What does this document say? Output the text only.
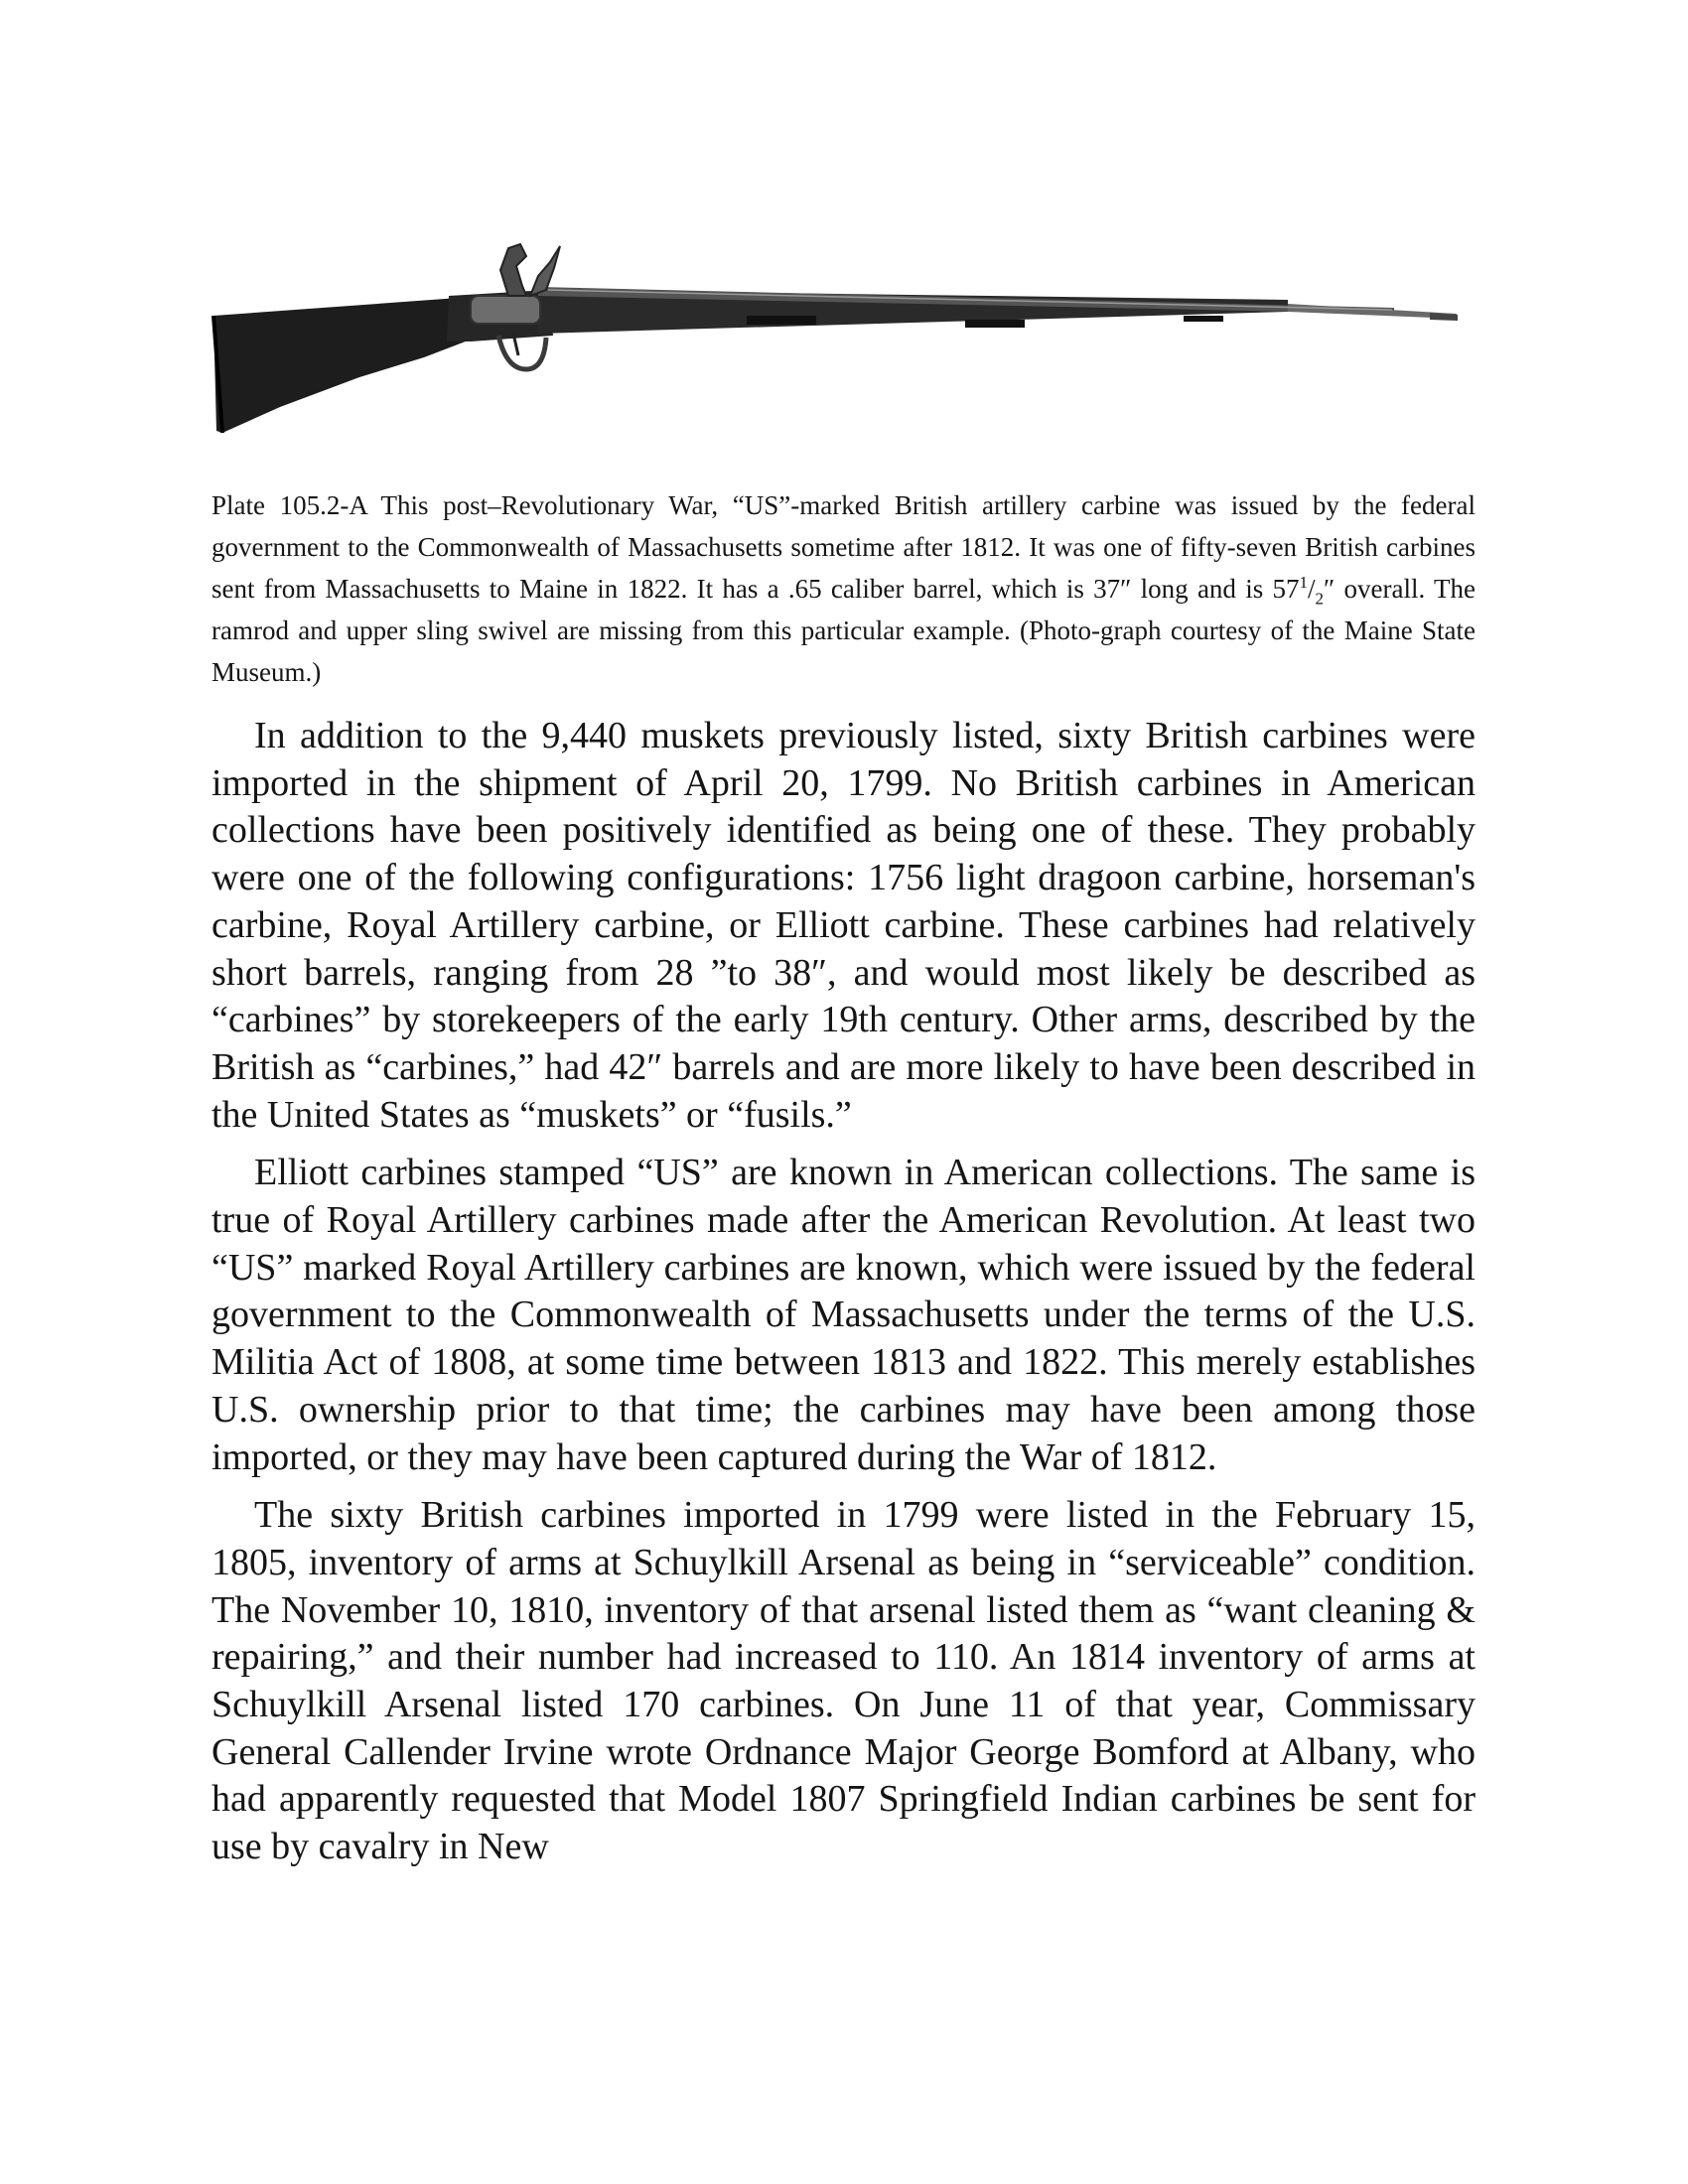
Plate 105.2-A This post–Revolutionary War, “US”-marked British artillery carbine was issued by the federal government to the Commonwealth of Massachusetts sometime after 1812. It was one of fifty-seven British carbines sent from Massachusetts to Maine in 1822. It has a .65 caliber barrel, which is 37″ long and is $57^1/_2''$ overall. The ramrod and upper sling swivel are missing from this particular example. (Photo-graph courtesy of the Maine State Museum.)

In addition to the 9,440 muskets previously listed, sixty British carbines were imported in the shipment of April 20, 1799. No British carbines in American collections have been positively identified as being one of these. They probably were one of the following configurations: 1756 light dragoon carbine, horseman's carbine, Royal Artillery carbine, or Elliott carbine. These carbines had relatively short barrels, ranging from 28 ”to 38″, and would most likely be described as “carbines” by storekeepers of the early 19th century. Other arms, described by the British as “carbines,” had 42″ barrels and are more likely to have been described in the United States as “muskets” or “fusils.”

Elliott carbines stamped “US” are known in American collections. The same is true of Royal Artillery carbines made after the American Revolution. At least two “US” marked Royal Artillery carbines are known, which were issued by the federal government to the Commonwealth of Massachusetts under the terms of the U.S. Militia Act of 1808, at some time between 1813 and 1822. This merely establishes U.S. ownership prior to that time; the carbines may have been among those imported, or they may have been captured during the War of 1812.

The sixty British carbines imported in 1799 were listed in the February 15, 1805, inventory of arms at Schuylkill Arsenal as being in “serviceable” condition. The November 10, 1810, inventory of that arsenal listed them as “want cleaning & repairing,” and their number had increased to 110. An 1814 inventory of arms at Schuylkill Arsenal listed 170 carbines. On June 11 of that year, Commissary General Callender Irvine wrote Ordnance Major George Bomford at Albany, who had apparently requested that Model 1807 Springfield Indian carbines be sent for use by cavalry in New
